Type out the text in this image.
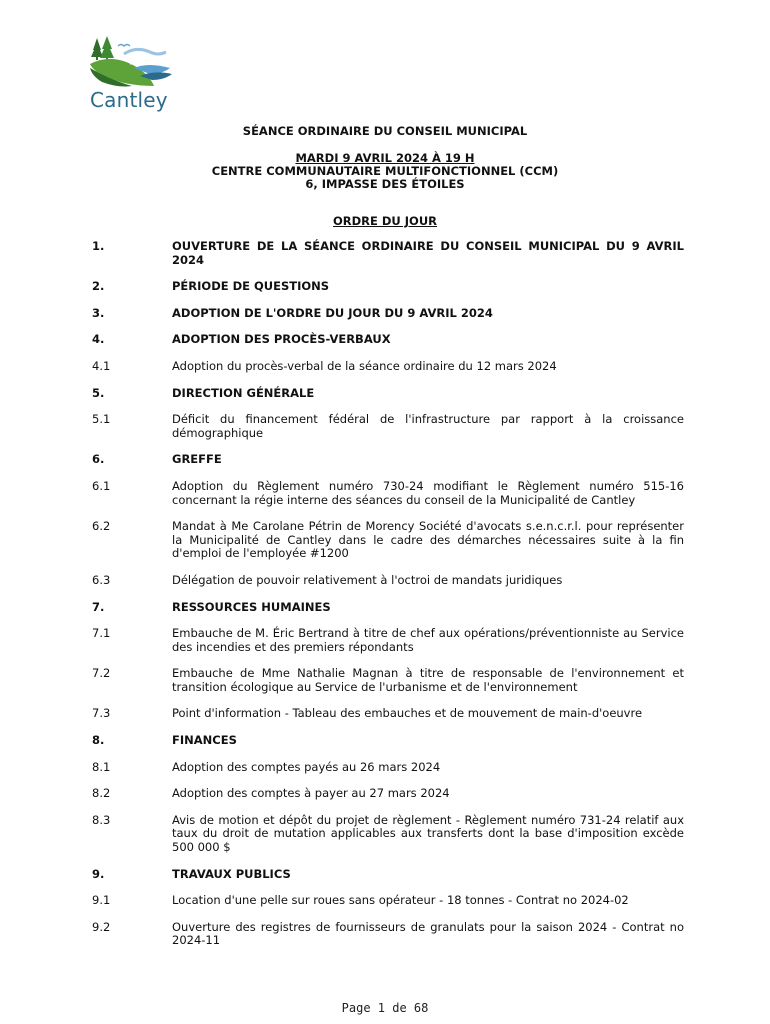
Cantley
SÉANCE ORDINAIRE DU CONSEIL MUNICIPAL
MARDI 9 AVRIL 2024 À 19 H
CENTRE COMMUNAUTAIRE MULTIFONCTIONNEL (CCM)
6, IMPASSE DES ÉTOILES
ORDRE DU JOUR
1.	OUVERTURE DE LA SÉANCE ORDINAIRE DU CONSEIL MUNICIPAL DU 9 AVRIL 2024
2.	PÉRIODE DE QUESTIONS
3.	ADOPTION DE L'ORDRE DU JOUR DU 9 AVRIL 2024
4.	ADOPTION DES PROCÈS-VERBAUX
4.1	Adoption du procès-verbal de la séance ordinaire du 12 mars 2024
5.	DIRECTION GÉNÉRALE
5.1	Déficit du financement fédéral de l'infrastructure par rapport à la croissance démographique
6.	GREFFE
6.1	Adoption du Règlement numéro 730-24 modifiant le Règlement numéro 515-16 concernant la régie interne des séances du conseil de la Municipalité de Cantley
6.2	Mandat à Me Carolane Pétrin de Morency Société d'avocats s.e.n.c.r.l. pour représenter la Municipalité de Cantley dans le cadre des démarches nécessaires suite à la fin d'emploi de l'employée #1200
6.3	Délégation de pouvoir relativement à l'octroi de mandats juridiques
7.	RESSOURCES HUMAINES
7.1	Embauche de M. Éric Bertrand à titre de chef aux opérations/préventionniste au Service des incendies et des premiers répondants
7.2	Embauche de Mme Nathalie Magnan à titre de responsable de l'environnement et transition écologique au Service de l'urbanisme et de l'environnement
7.3	Point d'information - Tableau des embauches et de mouvement de main-d'oeuvre
8.	FINANCES
8.1	Adoption des comptes payés au 26 mars 2024
8.2	Adoption des comptes à payer au 27 mars 2024
8.3	Avis de motion et dépôt du projet de règlement - Règlement numéro 731-24 relatif aux taux du droit de mutation applicables aux transferts dont la base d'imposition excède 500 000 $
9.	TRAVAUX PUBLICS
9.1	Location d'une pelle sur roues sans opérateur - 18 tonnes - Contrat no 2024-02
9.2	Ouverture des registres de fournisseurs de granulats pour la saison 2024 - Contrat no 2024-11
Page 1 de 68
